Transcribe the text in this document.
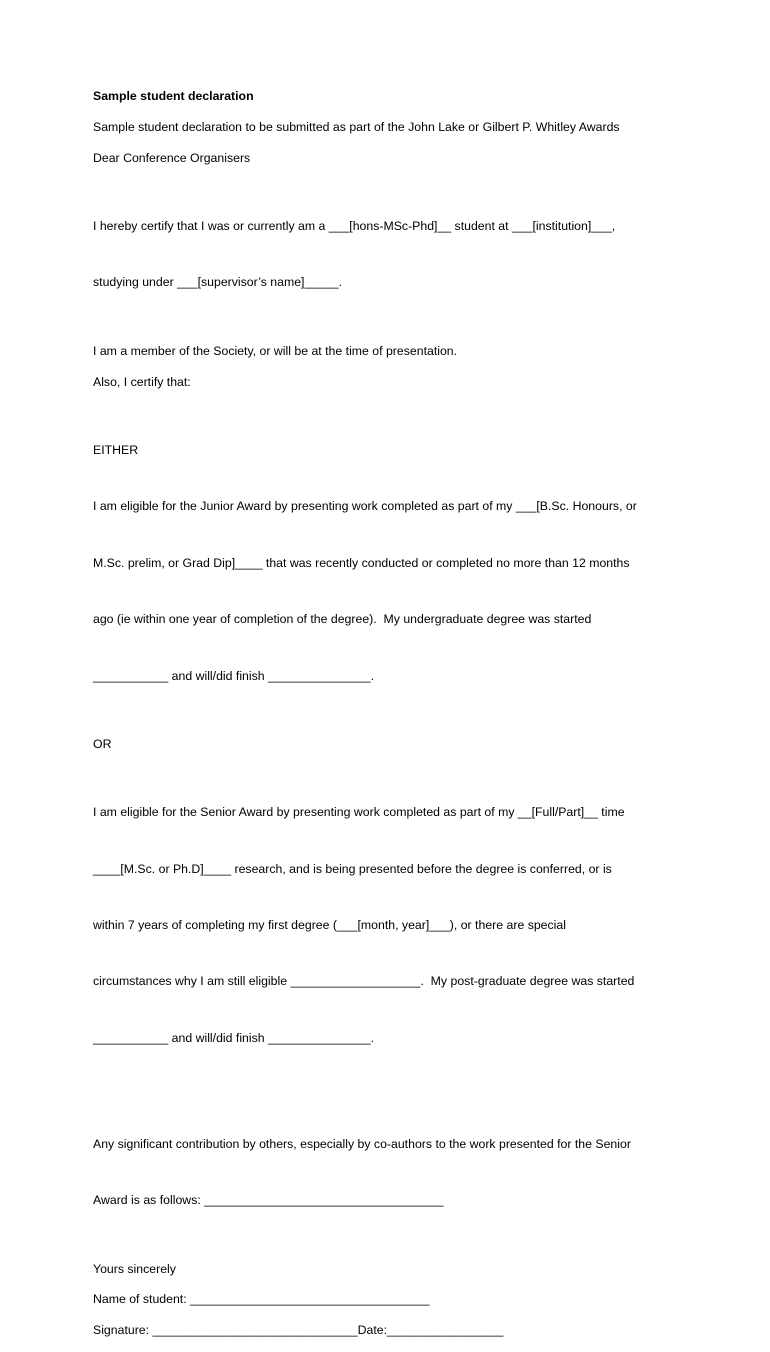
Sample student declaration
Sample student declaration to be submitted as part of the John Lake or Gilbert P. Whitley Awards
Dear Conference Organisers

I hereby certify that I was or currently am a ___[hons-MSc-Phd]__ student at ___[institution]___,

studying under ___[supervisor’s name]_____.

I am a member of the Society, or will be at the time of presentation.
Also, I certify that:

EITHER

I am eligible for the Junior Award by presenting work completed as part of my ___[B.Sc. Honours, or

M.Sc. prelim, or Grad Dip]____ that was recently conducted or completed no more than 12 months

ago (ie within one year of completion of the degree).  My undergraduate degree was started

___________ and will/did finish _______________.

OR

I am eligible for the Senior Award by presenting work completed as part of my __[Full/Part]__ time

____[M.Sc. or Ph.D]____ research, and is being presented before the degree is conferred, or is

within 7 years of completing my first degree (___[month, year]___), or there are special

circumstances why I am still eligible ___________________.  My post-graduate degree was started

___________ and will/did finish _______________.

Any significant contribution by others, especially by co-authors to the work presented for the Senior

Award is as follows: ___________________________________

Yours sincerely
Name of student: ___________________________________
Signature: ______________________________Date:_________________
